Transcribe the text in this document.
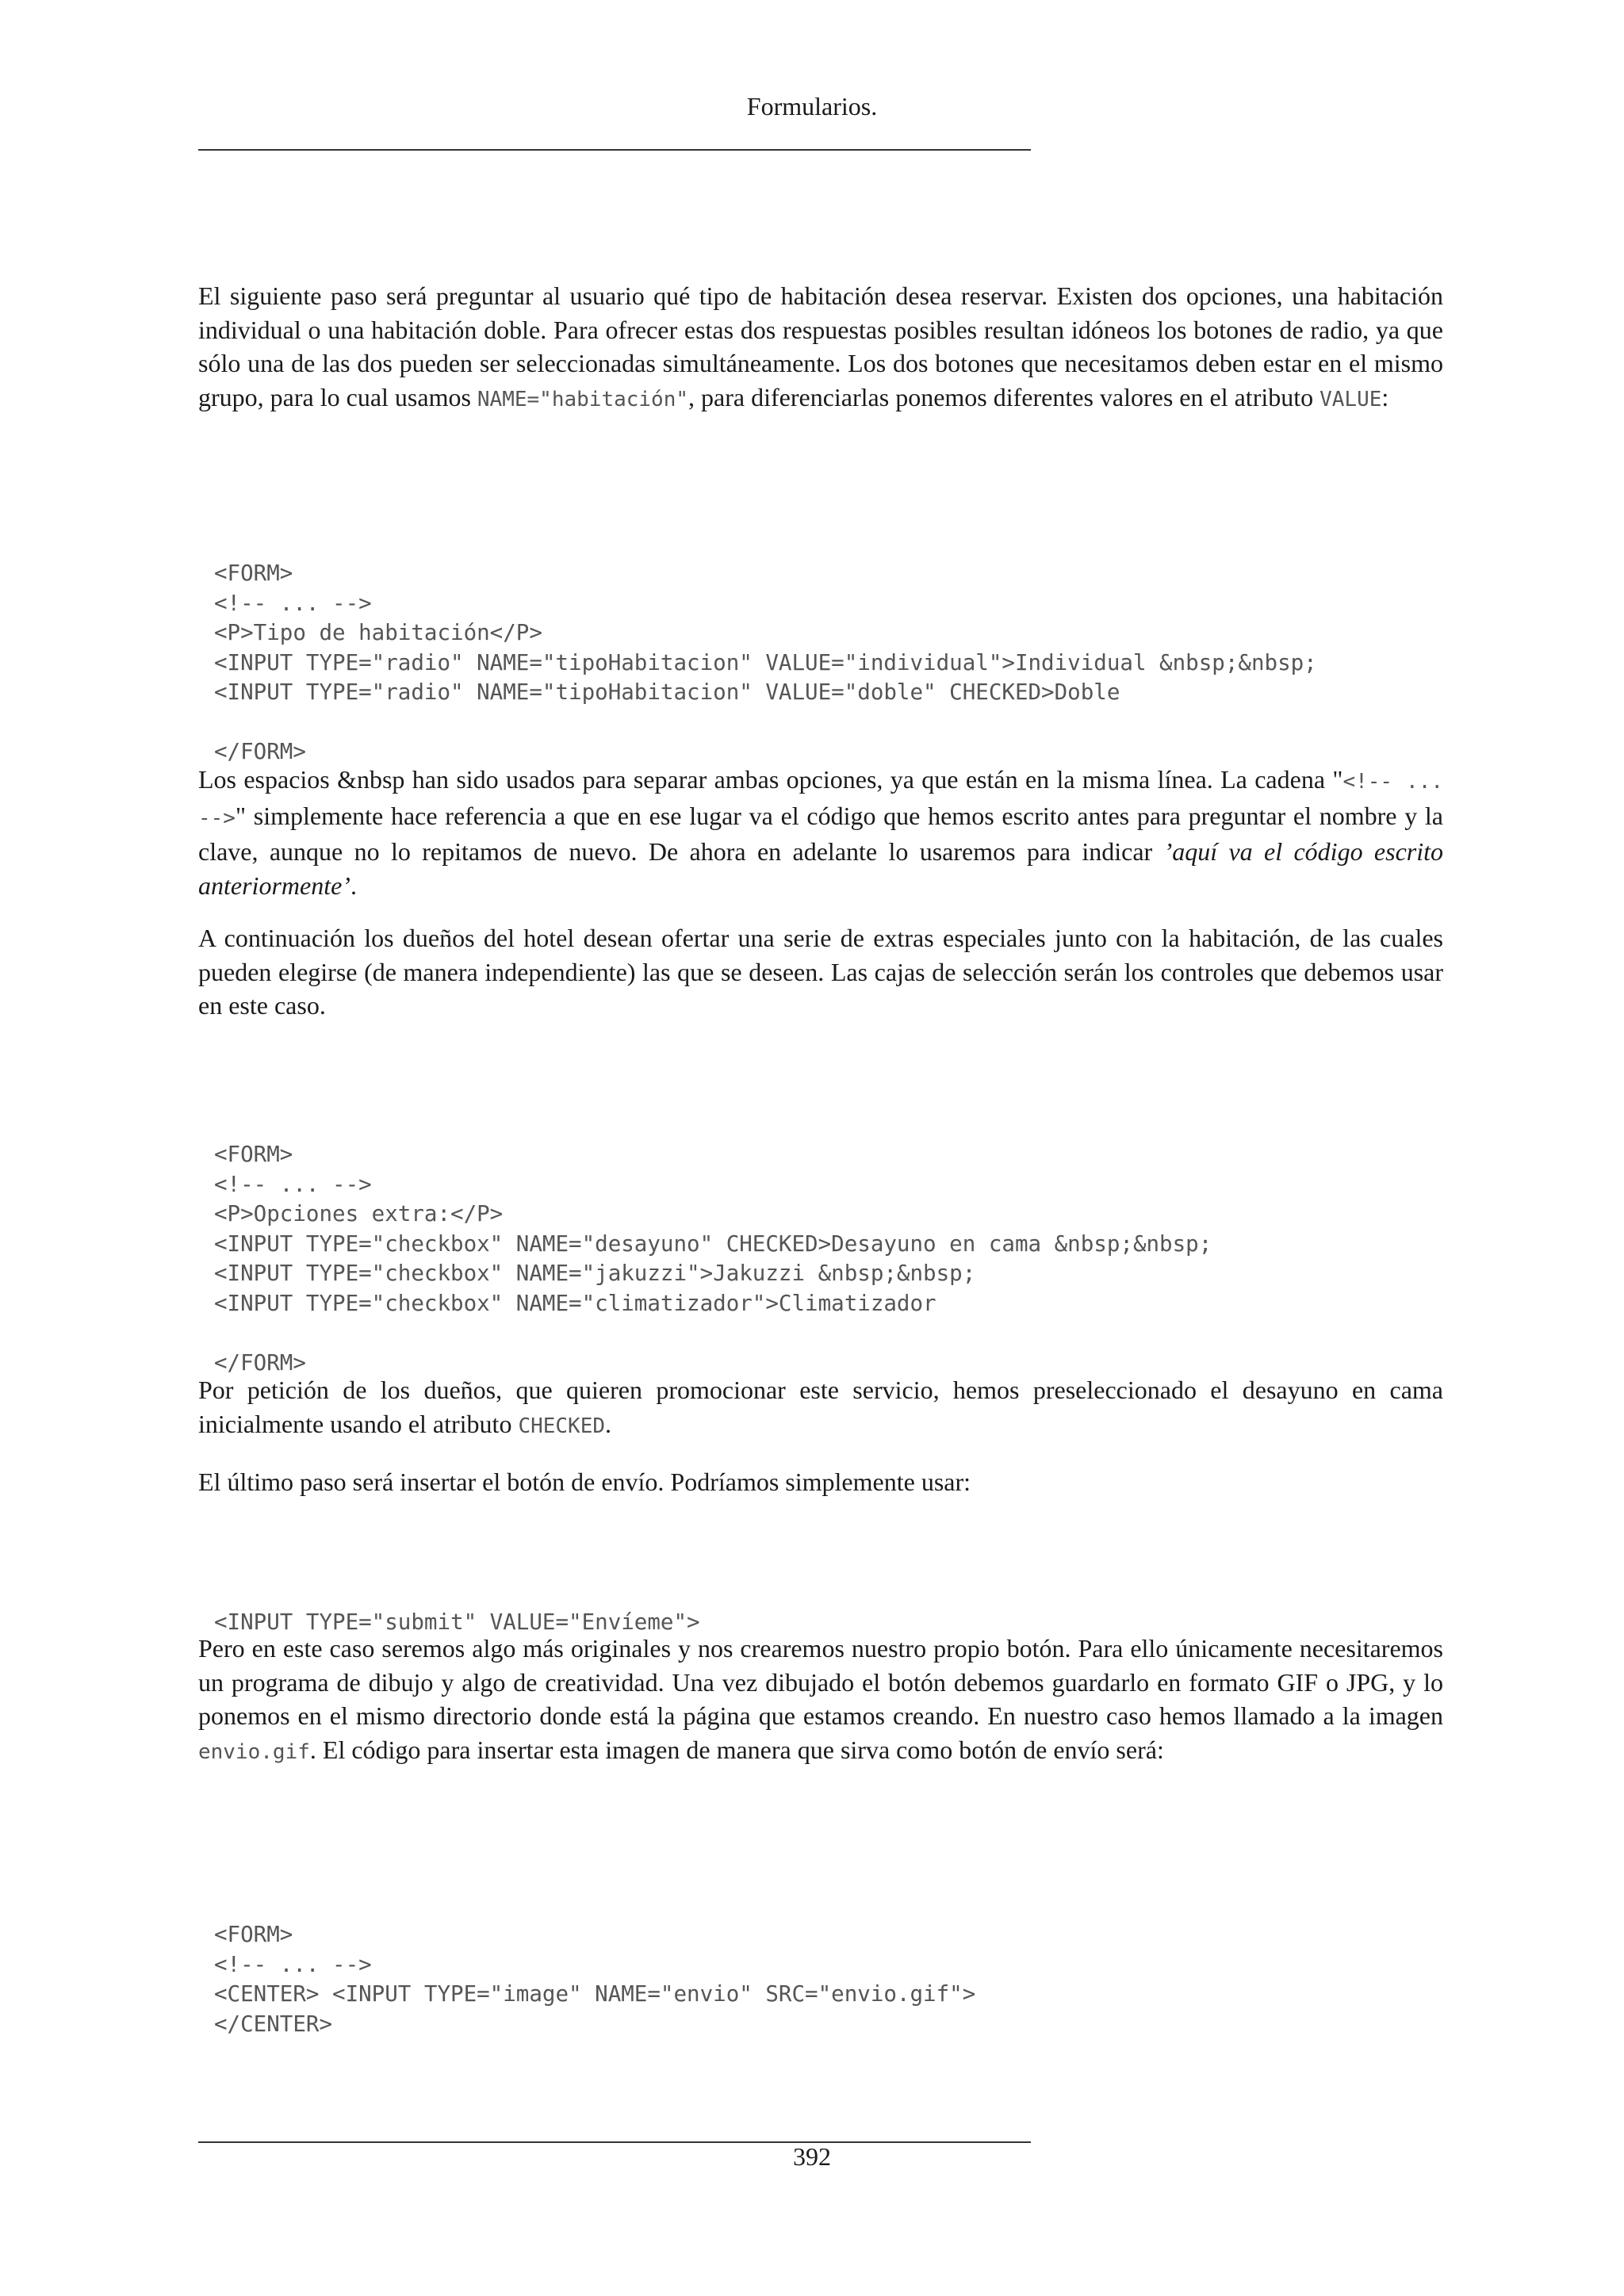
Formularios.

El siguiente paso será preguntar al usuario qué tipo de habitación desea reservar. Existen dos opciones, una habitación individual o una habitación doble. Para ofrecer estas dos respuestas posibles resultan idóneos los botones de radio, ya que sólo una de las dos pueden ser seleccionadas simultáneamente. Los dos botones que necesitamos deben estar en el mismo grupo, para lo cual usamos NAME="habitación", para diferenciarlas ponemos diferentes valores en el atributo VALUE:

<FORM>
<!-- ... -->
<P>Tipo de habitación</P>
<INPUT TYPE="radio" NAME="tipoHabitacion" VALUE="individual">Individual &nbsp;&nbsp;
<INPUT TYPE="radio" NAME="tipoHabitacion" VALUE="doble" CHECKED>Doble
</FORM>

Los espacios &nbsp han sido usados para separar ambas opciones, ya que están en la misma línea. La cadena "<!-- ... -->" simplemente hace referencia a que en ese lugar va el código que hemos escrito antes para preguntar el nombre y la clave, aunque no lo repitamos de nuevo. De ahora en adelante lo usaremos para indicar ’aquí va el código escrito anteriormente’.

A continuación los dueños del hotel desean ofertar una serie de extras especiales junto con la habitación, de las cuales pueden elegirse (de manera independiente) las que se deseen. Las cajas de selección serán los controles que debemos usar en este caso.

<FORM>
<!-- ... -->
<P>Opciones extra:</P>
<INPUT TYPE="checkbox" NAME="desayuno" CHECKED>Desayuno en cama &nbsp;&nbsp;
<INPUT TYPE="checkbox" NAME="jakuzzi">Jakuzzi &nbsp;&nbsp;
<INPUT TYPE="checkbox" NAME="climatizador">Climatizador
</FORM>

Por petición de los dueños, que quieren promocionar este servicio, hemos preseleccionado el desayuno en cama inicialmente usando el atributo CHECKED.

El último paso será insertar el botón de envío. Podríamos simplemente usar:

<INPUT TYPE="submit" VALUE="Envíeme">

Pero en este caso seremos algo más originales y nos crearemos nuestro propio botón. Para ello únicamente necesitaremos un programa de dibujo y algo de creatividad. Una vez dibujado el botón debemos guardarlo en formato GIF o JPG, y lo ponemos en el mismo directorio donde está la página que estamos creando. En nuestro caso hemos llamado a la imagen envio.gif. El código para insertar esta imagen de manera que sirva como botón de envío será:

<FORM>
<!-- ... -->
<CENTER> <INPUT TYPE="image" NAME="envio" SRC="envio.gif">
</CENTER>

392
